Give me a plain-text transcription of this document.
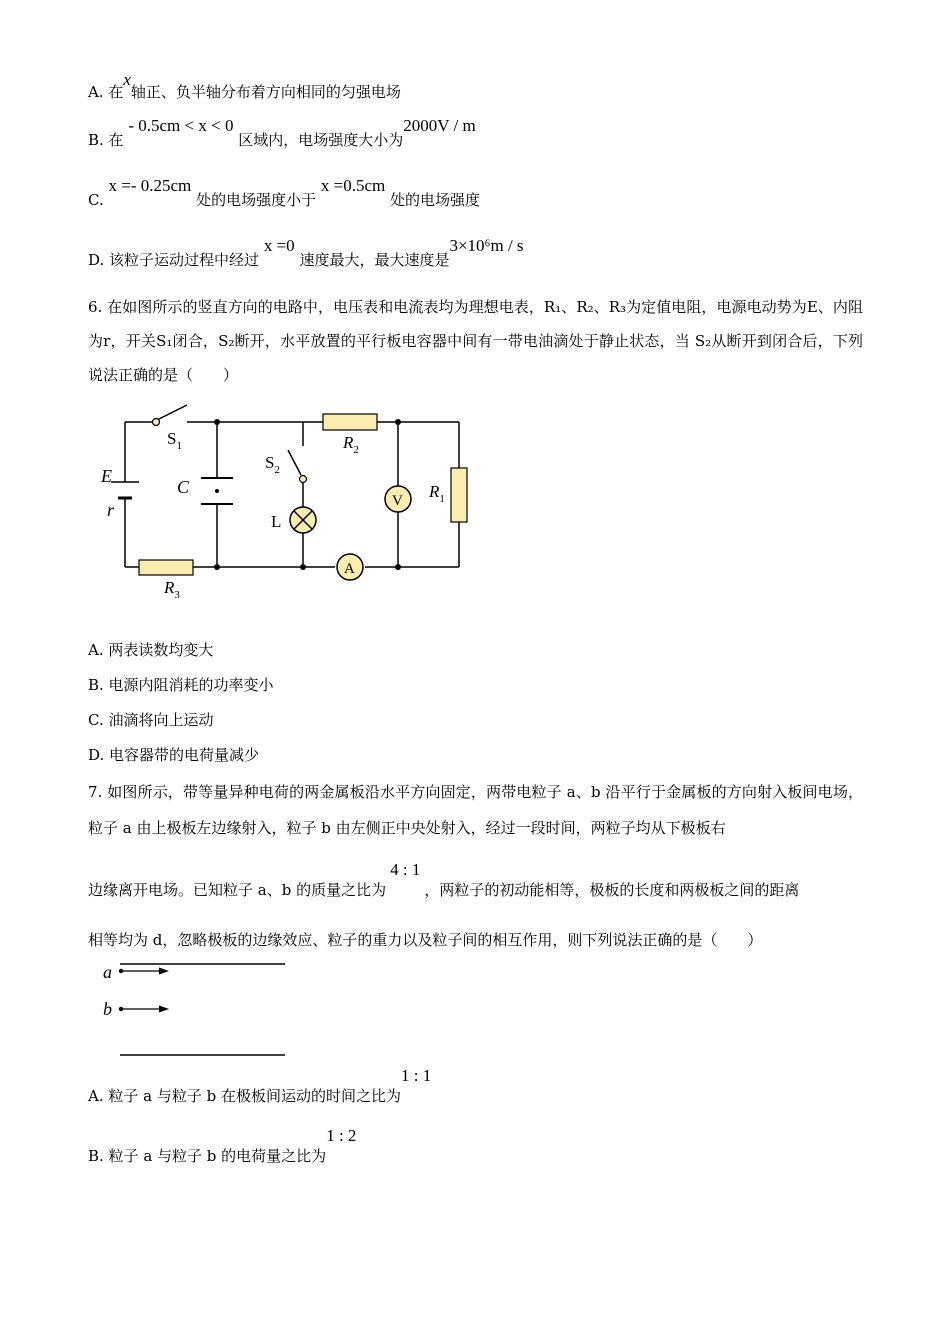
A. 在x轴正、负半轴分布着方向相同的匀强电场
B. 在 - 0.5cm < x < 0 区域内，电场强度大小为2000V / m
C. x =- 0.25cm 处的电场强度小于 x =0.5cm 处的电场强度
D. 该粒子运动过程中经过 x =0 速度最大，最大速度是3×10⁶m / s
6. 在如图所示的竖直方向的电路中，电压表和电流表均为理想电表，R₁、R₂、R₃为定值电阻，电源电动势为E、内阻为r，开关S₁闭合，S₂断开，水平放置的平行板电容器中间有一带电油滴处于静止状态，当 S₂从断开到闭合后，下列说法正确的是（　　）
$S_1$
$S_2$
E
r
C
L
$R_2$
$R_1$
$R_3$
V
A
A. 两表读数均变大
B. 电源内阻消耗的功率变小
C. 油滴将向上运动
D. 电容器带的电荷量减少
7. 如图所示，带等量异种电荷的两金属板沿水平方向固定，两带电粒子 a、b 沿平行于金属板的方向射入板间电场，粒子 a 由上极板左边缘射入，粒子 b 由左侧正中央处射入，经过一段时间，两粒子均从下极板右
边缘离开电场。已知粒子 a、b 的质量之比为4 : 1，两粒子的初动能相等，极板的长度和两极板之间的距离
相等均为 d，忽略极板的边缘效应、粒子的重力以及粒子间的相互作用，则下列说法正确的是（　　）
a
b
A. 粒子 a 与粒子 b 在极板间运动的时间之比为1 : 1
B. 粒子 a 与粒子 b 的电荷量之比为1 : 2
